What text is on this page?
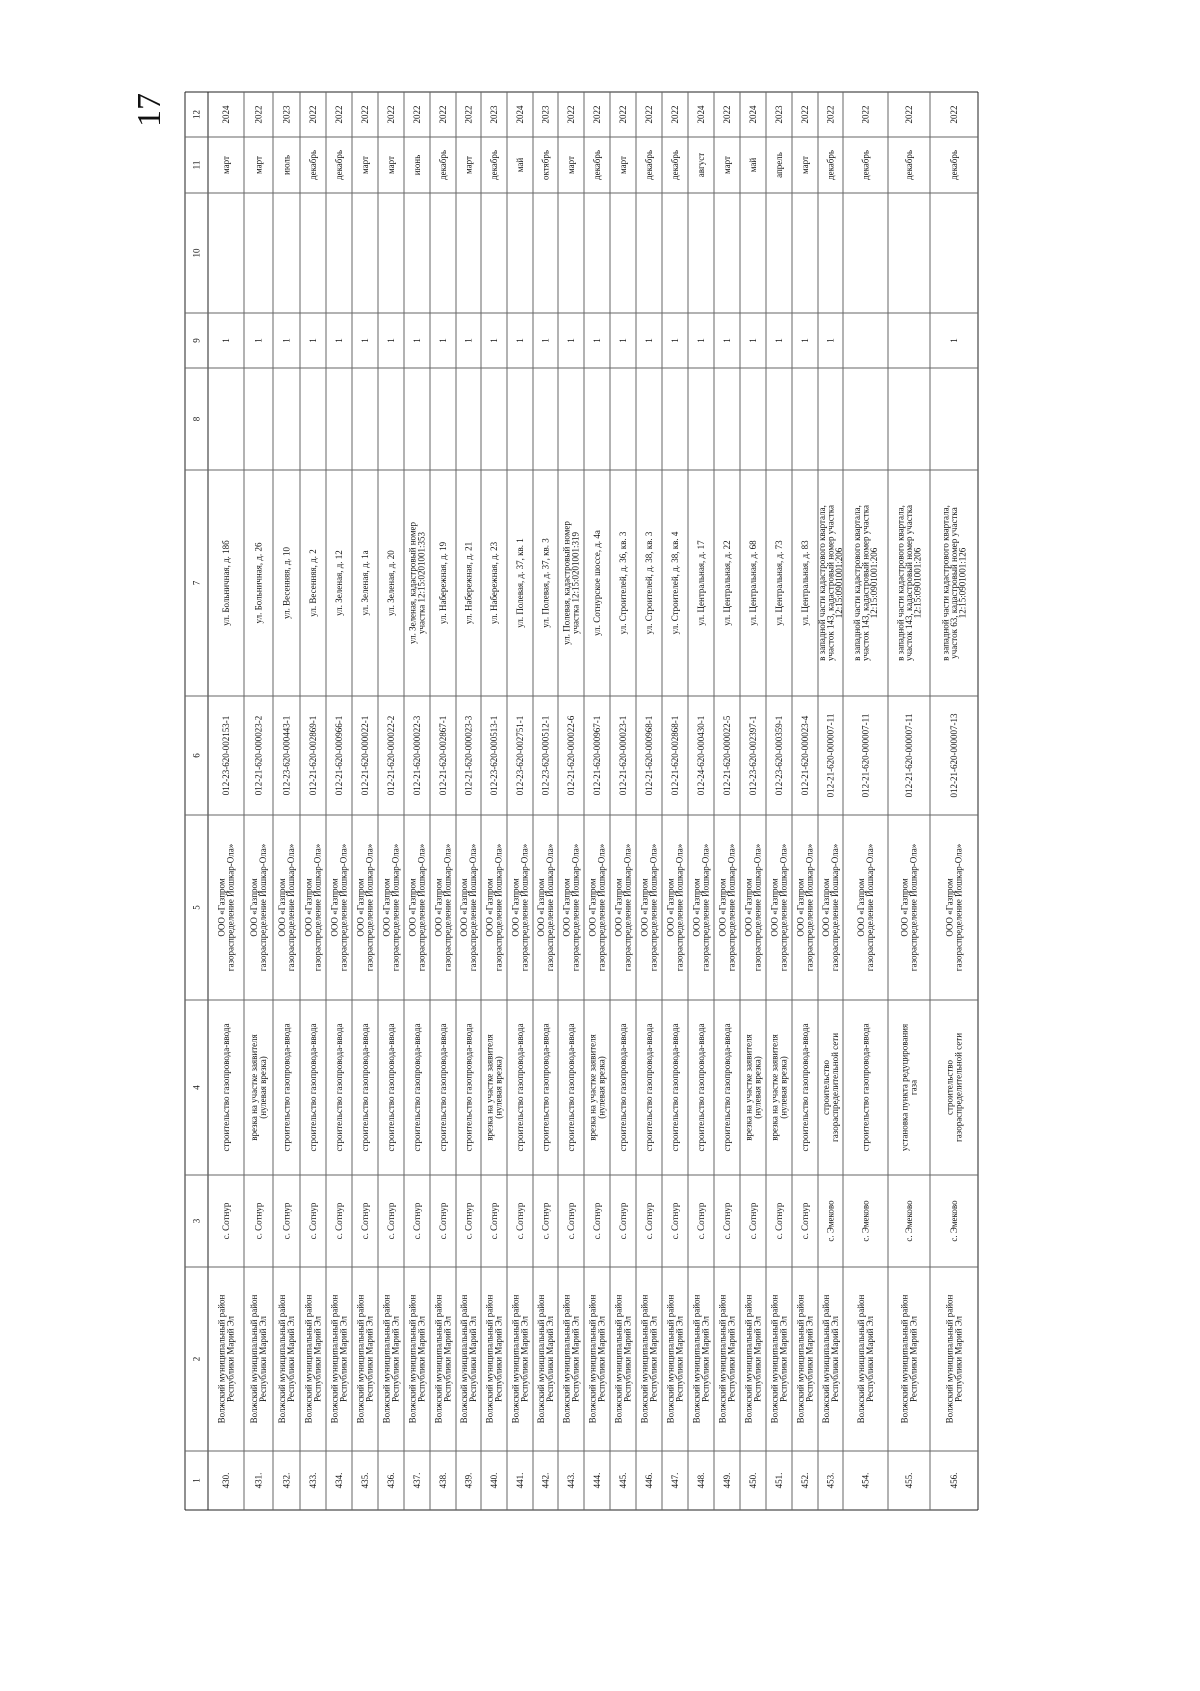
1
2
3
4
5
6
7
8
9
10
11
12
430.
Волжский муниципальный район
Республики Марий Эл
с. Сотнур
строительство газопровода-ввода
ООО «Газпром
газораспределение Йошкар-Ола»
012-23-620-002153-1
ул. Больничная, д. 18б
1
март
2024
431.
Волжский муниципальный район
Республики Марий Эл
с. Сотнур
врезка на участке заявителя
(нулевая врезка)
ООО «Газпром
газораспределение Йошкар-Ола»
012-21-620-000023-2
ул. Больничная, д. 26
1
март
2022
432.
Волжский муниципальный район
Республики Марий Эл
с. Сотнур
строительство газопровода-ввода
ООО «Газпром
газораспределение Йошкар-Ола»
012-23-620-000443-1
ул. Весенняя, д. 10
1
июль
2023
433.
Волжский муниципальный район
Республики Марий Эл
с. Сотнур
строительство газопровода-ввода
ООО «Газпром
газораспределение Йошкар-Ола»
012-21-620-002869-1
ул. Весенняя, д. 2
1
декабрь
2022
434.
Волжский муниципальный район
Республики Марий Эл
с. Сотнур
строительство газопровода-ввода
ООО «Газпром
газораспределение Йошкар-Ола»
012-21-620-000966-1
ул. Зеленая, д. 12
1
декабрь
2022
435.
Волжский муниципальный район
Республики Марий Эл
с. Сотнур
строительство газопровода-ввода
ООО «Газпром
газораспределение Йошкар-Ола»
012-21-620-000022-1
ул. Зеленая, д. 1а
1
март
2022
436.
Волжский муниципальный район
Республики Марий Эл
с. Сотнур
строительство газопровода-ввода
ООО «Газпром
газораспределение Йошкар-Ола»
012-21-620-000022-2
ул. Зеленая, д. 20
1
март
2022
437.
Волжский муниципальный район
Республики Марий Эл
с. Сотнур
строительство газопровода-ввода
ООО «Газпром
газораспределение Йошкар-Ола»
012-21-620-000022-3
ул. Зеленая, кадастровый номер
участка 12:15:0201001:353
1
июнь
2022
438.
Волжский муниципальный район
Республики Марий Эл
с. Сотнур
строительство газопровода-ввода
ООО «Газпром
газораспределение Йошкар-Ола»
012-21-620-002867-1
ул. Набережная, д. 19
1
декабрь
2022
439.
Волжский муниципальный район
Республики Марий Эл
с. Сотнур
строительство газопровода-ввода
ООО «Газпром
газораспределение Йошкар-Ола»
012-21-620-000023-3
ул. Набережная, д. 21
1
март
2022
440.
Волжский муниципальный район
Республики Марий Эл
с. Сотнур
врезка на участке заявителя
(нулевая врезка)
ООО «Газпром
газораспределение Йошкар-Ола»
012-23-620-000513-1
ул. Набережная, д. 23
1
декабрь
2023
441.
Волжский муниципальный район
Республики Марий Эл
с. Сотнур
строительство газопровода-ввода
ООО «Газпром
газораспределение Йошкар-Ола»
012-23-620-002751-1
ул. Полевая, д. 37, кв. 1
1
май
2024
442.
Волжский муниципальный район
Республики Марий Эл
с. Сотнур
строительство газопровода-ввода
ООО «Газпром
газораспределение Йошкар-Ола»
012-23-620-000512-1
ул. Полевая, д. 37, кв. 3
1
октябрь
2023
443.
Волжский муниципальный район
Республики Марий Эл
с. Сотнур
строительство газопровода-ввода
ООО «Газпром
газораспределение Йошкар-Ола»
012-21-620-000022-6
ул. Полевая, кадастровый номер
участка 12:15:0201001:319
1
март
2022
444.
Волжский муниципальный район
Республики Марий Эл
с. Сотнур
врезка на участке заявителя
(нулевая врезка)
ООО «Газпром
газораспределение Йошкар-Ола»
012-21-620-000967-1
ул. Сотнурское шоссе, д. 4а
1
декабрь
2022
445.
Волжский муниципальный район
Республики Марий Эл
с. Сотнур
строительство газопровода-ввода
ООО «Газпром
газораспределение Йошкар-Ола»
012-21-620-000023-1
ул. Строителей, д. 36, кв. 3
1
март
2022
446.
Волжский муниципальный район
Республики Марий Эл
с. Сотнур
строительство газопровода-ввода
ООО «Газпром
газораспределение Йошкар-Ола»
012-21-620-000968-1
ул. Строителей, д. 38, кв. 3
1
декабрь
2022
447.
Волжский муниципальный район
Республики Марий Эл
с. Сотнур
строительство газопровода-ввода
ООО «Газпром
газораспределение Йошкар-Ола»
012-21-620-002868-1
ул. Строителей, д. 38, кв. 4
1
декабрь
2022
448.
Волжский муниципальный район
Республики Марий Эл
с. Сотнур
строительство газопровода-ввода
ООО «Газпром
газораспределение Йошкар-Ола»
012-24-620-000430-1
ул. Центральная, д. 17
1
август
2024
449.
Волжский муниципальный район
Республики Марий Эл
с. Сотнур
строительство газопровода-ввода
ООО «Газпром
газораспределение Йошкар-Ола»
012-21-620-000022-5
ул. Центральная, д. 22
1
март
2022
450.
Волжский муниципальный район
Республики Марий Эл
с. Сотнур
врезка на участке заявителя
(нулевая врезка)
ООО «Газпром
газораспределение Йошкар-Ола»
012-23-620-002397-1
ул. Центральная, д. 68
1
май
2024
451.
Волжский муниципальный район
Республики Марий Эл
с. Сотнур
врезка на участке заявителя
(нулевая врезка)
ООО «Газпром
газораспределение Йошкар-Ола»
012-23-620-000359-1
ул. Центральная, д. 73
1
апрель
2023
452.
Волжский муниципальный район
Республики Марий Эл
с. Сотнур
строительство газопровода-ввода
ООО «Газпром
газораспределение Йошкар-Ола»
012-21-620-000023-4
ул. Центральная, д. 83
1
март
2022
453.
Волжский муниципальный район
Республики Марий Эл
с. Эмеково
строительство
газораспределительной сети
ООО «Газпром
газораспределение Йошкар-Ола»
012-21-620-000007-11
в западной части кадастрового квартала,
участок 143, кадастровый номер участка
12:15:0901001:206
1
декабрь
2022
454.
Волжский муниципальный район
Республики Марий Эл
с. Эмеково
строительство газопровода-ввода
ООО «Газпром
газораспределение Йошкар-Ола»
012-21-620-000007-11
в западной части кадастрового квартала,
участок 143, кадастровый номер участка
12:15:0901001:206
декабрь
2022
455.
Волжский муниципальный район
Республики Марий Эл
с. Эмеково
установка пункта редуцирования
газа
ООО «Газпром
газораспределение Йошкар-Ола»
012-21-620-000007-11
в западной части кадастрового квартала,
участок 143, кадастровый номер участка
12:15:0901001:206
декабрь
2022
456.
Волжский муниципальный район
Республики Марий Эл
с. Эмеково
строительство
газораспределительной сети
ООО «Газпром
газораспределение Йошкар-Ола»
012-21-620-000007-13
в западной части кадастрового квартала,
участок 63, кадастровый номер участка
12:15:0901001:126
1
декабрь
2022
17
